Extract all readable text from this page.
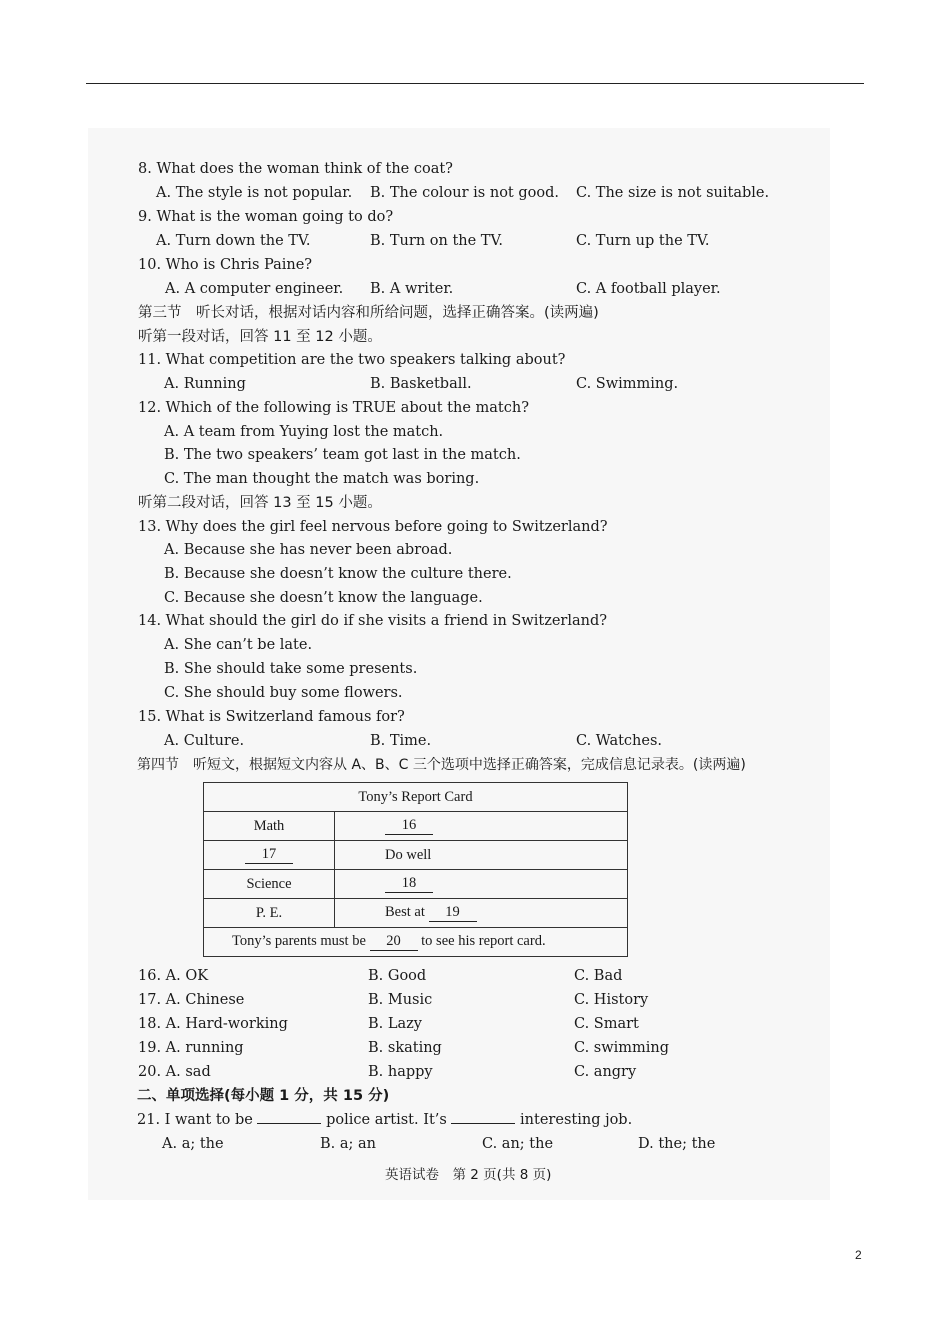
8. What does the woman think of the coat?
A. The style is not popular. B. The colour is not good. C. The size is not suitable.
9. What is the woman going to do?
A. Turn down the TV.	B. Turn on the TV.	C. Turn up the TV.
10. Who is Chris Paine?
A. A computer engineer. B. A writer.	C. A football player.
第三节　听长对话，根据对话内容和所给问题，选择正确答案。(读两遍)
听第一段对话，回答 11 至 12 小题。
11. What competition are the two speakers talking about?
A. Running	B. Basketball.	C. Swimming.
12. Which of the following is TRUE about the match?
A. A team from Yuying lost the match.
B. The two speakers’ team got last in the match.
C. The man thought the match was boring.
听第二段对话，回答 13 至 15 小题。
13. Why does the girl feel nervous before going to Switzerland?
A. Because she has never been abroad.
B. Because she doesn’t know the culture there.
C. Because she doesn’t know the language.
14. What should the girl do if she visits a friend in Switzerland?
A. She can’t be late.
B. She should take some presents.
C. She should buy some flowers.
15. What is Switzerland famous for?
A. Culture.	B. Time.	C. Watches.
第四节　听短文，根据短文内容从 A、B、C 三个选项中选择正确答案，完成信息记录表。(读两遍)
Tony’s Report Card	
Math	16
17	Do well
Science	18
P. E.	Best at 19
Tony’s parents must be 20 to see his report card.	
16. A. OK	B. Good	C. Bad
17. A. Chinese	B. Music	C. History
18. A. Hard-working	B. Lazy	C. Smart
19. A. running	B. skating	C. swimming
20. A. sad	B. happy	C. angry
二、单项选择(每小题 1 分，共 15 分)
21. I want to be	police artist. It’s	interesting job.
A. a; the	B. a; an	C. an; the	D. the; the
英语试卷　第 2 页(共 8 页)
2
